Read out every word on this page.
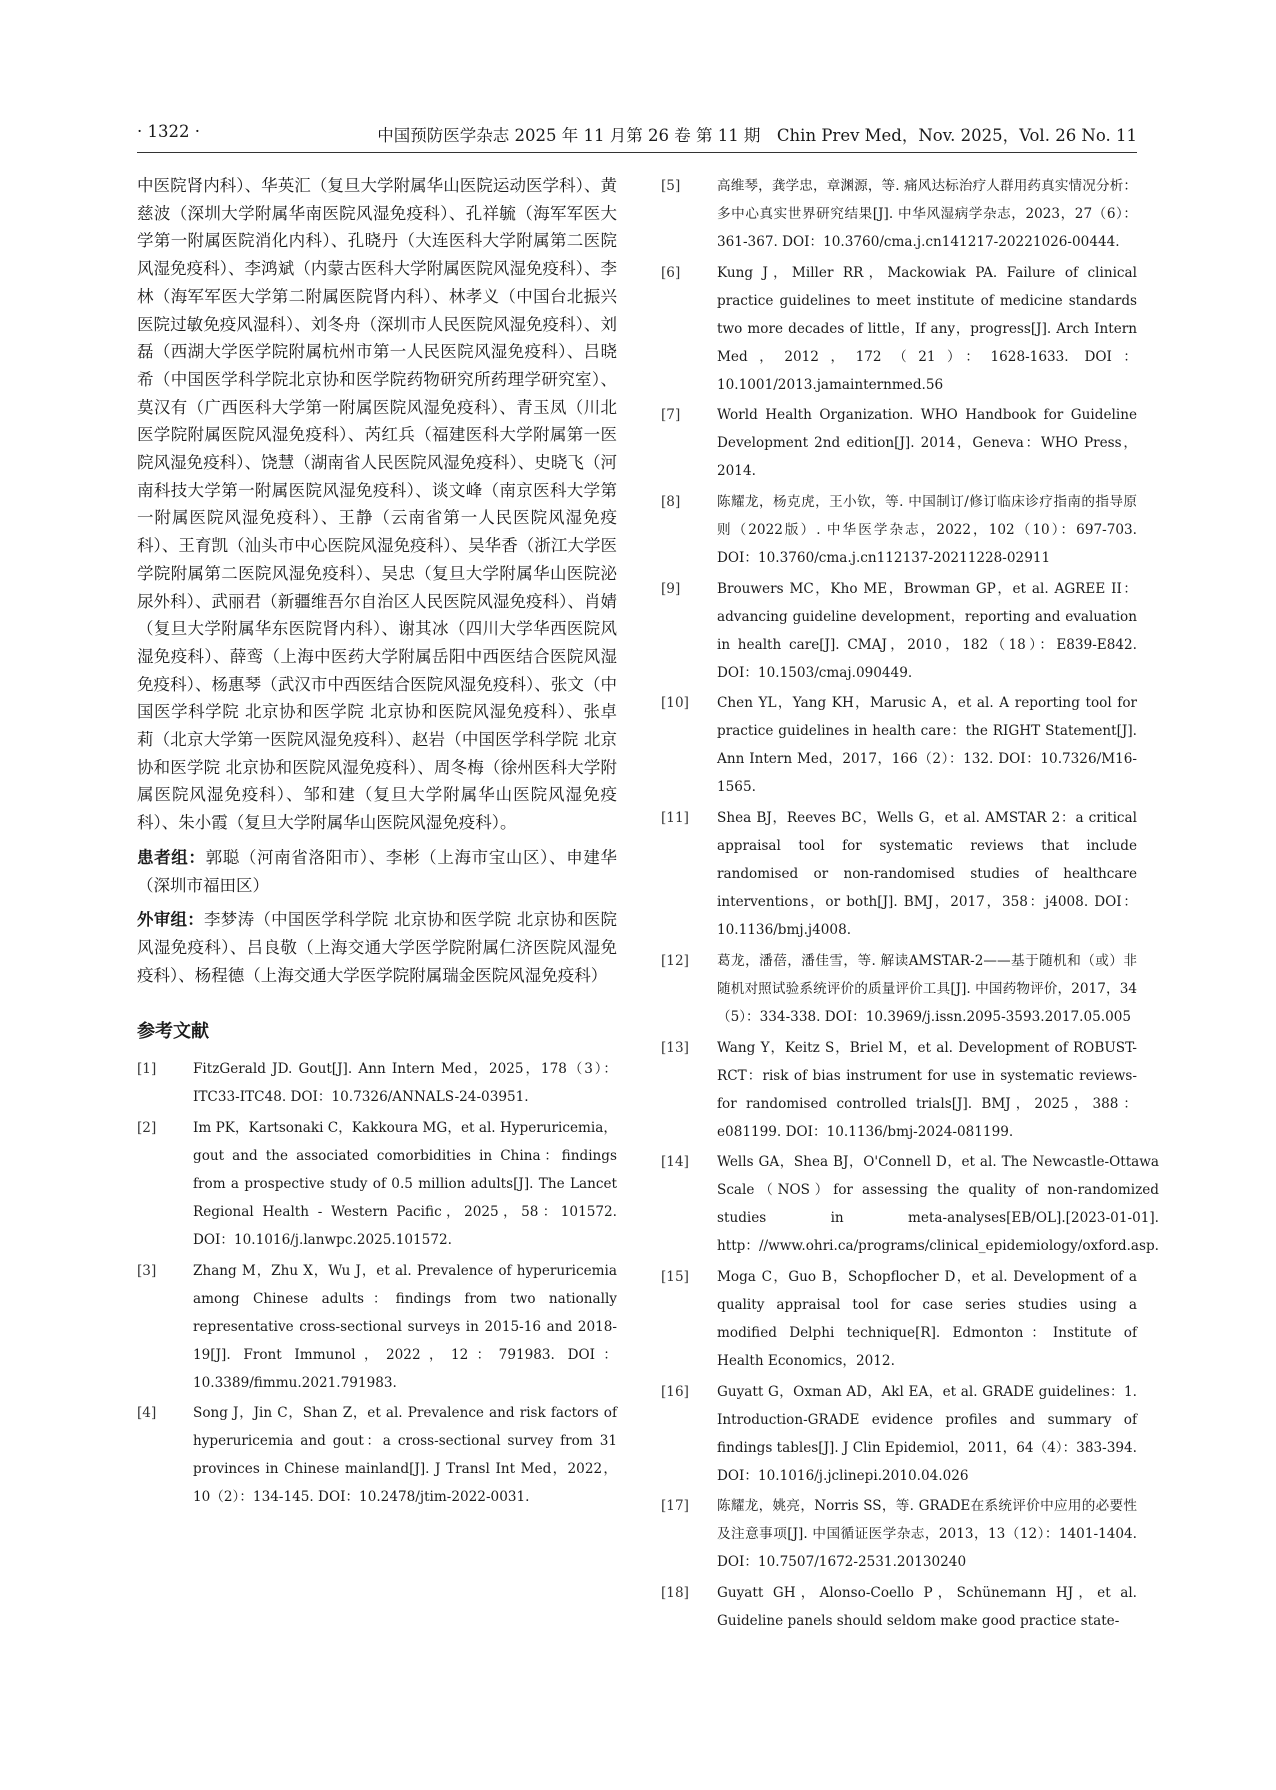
· 1322 ·	中国预防医学杂志 2025 年 11 月第 26 卷 第 11 期　Chin Prev Med，Nov. 2025，Vol. 26 No. 11

中医院肾内科）、华英汇（复旦大学附属华山医院运动医学科）、黄慈波（深圳大学附属华南医院风湿免疫科）、孔祥毓（海军军医大学第一附属医院消化内科）、孔晓丹（大连医科大学附属第二医院风湿免疫科）、李鸿斌（内蒙古医科大学附属医院风湿免疫科）、李林（海军军医大学第二附属医院肾内科）、林孝义（中国台北振兴医院过敏免疫风湿科）、刘冬舟（深圳市人民医院风湿免疫科）、刘磊（西湖大学医学院附属杭州市第一人民医院风湿免疫科）、吕晓希（中国医学科学院北京协和医学院药物研究所药理学研究室）、莫汉有（广西医科大学第一附属医院风湿免疫科）、青玉凤（川北医学院附属医院风湿免疫科）、芮红兵（福建医科大学附属第一医院风湿免疫科）、饶慧（湖南省人民医院风湿免疫科）、史晓飞（河南科技大学第一附属医院风湿免疫科）、谈文峰（南京医科大学第一附属医院风湿免疫科）、王静（云南省第一人民医院风湿免疫科）、王育凯（汕头市中心医院风湿免疫科）、吴华香（浙江大学医学院附属第二医院风湿免疫科）、吴忠（复旦大学附属华山医院泌尿外科）、武丽君（新疆维吾尔自治区人民医院风湿免疫科）、肖婧（复旦大学附属华东医院肾内科）、谢其冰（四川大学华西医院风湿免疫科）、薛鸾（上海中医药大学附属岳阳中西医结合医院风湿免疫科）、杨惠琴（武汉市中西医结合医院风湿免疫科）、张文（中国医学科学院 北京协和医学院 北京协和医院风湿免疫科）、张卓莉（北京大学第一医院风湿免疫科）、赵岩（中国医学科学院 北京协和医学院 北京协和医院风湿免疫科）、周冬梅（徐州医科大学附属医院风湿免疫科）、邹和建（复旦大学附属华山医院风湿免疫科）、朱小霞（复旦大学附属华山医院风湿免疫科）。

患者组：郭聪（河南省洛阳市）、李彬（上海市宝山区）、申建华（深圳市福田区）

外审组：李梦涛（中国医学科学院 北京协和医学院 北京协和医院风湿免疫科）、吕良敬（上海交通大学医学院附属仁济医院风湿免疫科）、杨程德（上海交通大学医学院附属瑞金医院风湿免疫科）

参考文献
[1]	FitzGerald JD. Gout[J]. Ann Intern Med，2025，178（3）：ITC33-ITC48. DOI：10.7326/ANNALS-24-03951.
[2]	Im PK，Kartsonaki C，Kakkoura MG，et al. Hyperuricemia，gout and the associated comorbidities in China：findings from a prospective study of 0.5 million adults[J]. The Lancet Regional Health - Western Pacific，2025，58：101572. DOI：10.1016/j.lanwpc.2025.101572.
[3]	Zhang M，Zhu X，Wu J，et al. Prevalence of hyperuricemia among Chinese adults：findings from two nationally representative cross-sectional surveys in 2015-16 and 2018-19[J]. Front Immunol，2022，12：791983. DOI：10.3389/fimmu.2021.791983.
[4]	Song J，Jin C，Shan Z，et al. Prevalence and risk factors of hyperuricemia and gout：a cross-sectional survey from 31 provinces in Chinese mainland[J]. J Transl Int Med，2022，10（2）：134-145. DOI：10.2478/jtim-2022-0031.
[5]	高维琴，龚学忠，章渊源，等. 痛风达标治疗人群用药真实情况分析：多中心真实世界研究结果[J]. 中华风湿病学杂志，2023，27（6）：361-367. DOI：10.3760/cma.j.cn141217-20221026-00444.
[6]	Kung J，Miller RR，Mackowiak PA. Failure of clinical practice guidelines to meet institute of medicine standards two more decades of little，If any，progress[J]. Arch Intern Med，2012，172（21）：1628-1633. DOI：10.1001/2013.jamainternmed.56
[7]	World Health Organization. WHO Handbook for Guideline Development 2nd edition[J]. 2014，Geneva：WHO Press，2014.
[8]	陈耀龙，杨克虎，王小钦，等. 中国制订/修订临床诊疗指南的指导原则（2022版）. 中华医学杂志，2022，102（10）：697-703. DOI：10.3760/cma.j.cn112137-20211228-02911
[9]	Brouwers MC，Kho ME，Browman GP，et al. AGREE II：advancing guideline development，reporting and evaluation in health care[J]. CMAJ，2010，182（18）：E839-E842. DOI：10.1503/cmaj.090449.
[10]	Chen YL，Yang KH，Marusic A，et al. A reporting tool for practice guidelines in health care：the RIGHT Statement[J]. Ann Intern Med，2017，166（2）：132. DOI：10.7326/M16-1565.
[11]	Shea BJ，Reeves BC，Wells G，et al. AMSTAR 2：a critical appraisal tool for systematic reviews that include randomised or non-randomised studies of healthcare interventions，or both[J]. BMJ，2017，358：j4008. DOI：10.1136/bmj.j4008.
[12]	葛龙，潘蓓，潘佳雪，等. 解读AMSTAR-2——基于随机和（或）非随机对照试验系统评价的质量评价工具[J]. 中国药物评价，2017，34（5）：334-338. DOI：10.3969/j.issn.2095-3593.2017.05.005
[13]	Wang Y，Keitz S，Briel M，et al. Development of ROBUST-RCT：risk of bias instrument for use in systematic reviews-for randomised controlled trials[J]. BMJ，2025，388：e081199. DOI：10.1136/bmj-2024-081199.
[14]	Wells GA，Shea BJ，O'Connell D，et al. The Newcastle-Ottawa Scale（NOS）for assessing the quality of non-randomized studies in meta-analyses[EB/OL].[2023-01-01]. http：//www.ohri.ca/programs/clinical_epidemiology/oxford.asp.
[15]	Moga C，Guo B，Schopflocher D，et al. Development of a quality appraisal tool for case series studies using a modified Delphi technique[R]. Edmonton：Institute of Health Economics，2012.
[16]	Guyatt G，Oxman AD，Akl EA，et al. GRADE guidelines：1. Introduction-GRADE evidence profiles and summary of findings tables[J]. J Clin Epidemiol，2011，64（4）：383-394. DOI：10.1016/j.jclinepi.2010.04.026
[17]	陈耀龙，姚亮，Norris SS，等. GRADE在系统评价中应用的必要性及注意事项[J]. 中国循证医学杂志，2013，13（12）：1401-1404. DOI：10.7507/1672-2531.20130240
[18]	Guyatt GH，Alonso-Coello P，Schünemann HJ，et al. Guideline panels should seldom make good practice state-
